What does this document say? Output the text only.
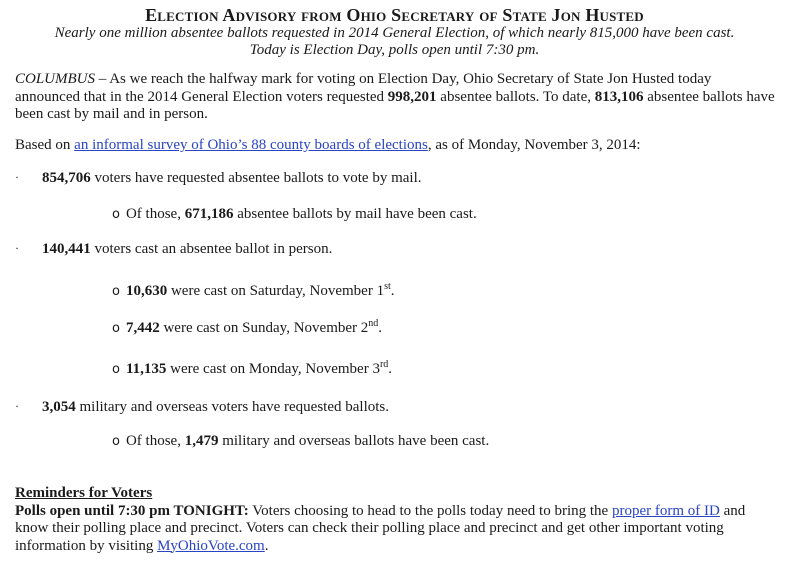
Election Advisory from Ohio Secretary of State Jon Husted
Nearly one million absentee ballots requested in 2014 General Election, of which nearly 815,000 have been cast.
Today is Election Day, polls open until 7:30 pm.
COLUMBUS – As we reach the halfway mark for voting on Election Day, Ohio Secretary of State Jon Husted today announced that in the 2014 General Election voters requested 998,201 absentee ballots. To date, 813,106 absentee ballots have been cast by mail and in person.
Based on an informal survey of Ohio’s 88 county boards of elections, as of Monday, November 3, 2014:
· 854,706 voters have requested absentee ballots to vote by mail.
o Of those, 671,186 absentee ballots by mail have been cast.
· 140,441 voters cast an absentee ballot in person.
o 10,630 were cast on Saturday, November 1st.
o 7,442 were cast on Sunday, November 2nd.
o 11,135 were cast on Monday, November 3rd.
· 3,054 military and overseas voters have requested ballots.
o Of those, 1,479 military and overseas ballots have been cast.
Reminders for Voters
Polls open until 7:30 pm TONIGHT: Voters choosing to head to the polls today need to bring the proper form of ID and know their polling place and precinct. Voters can check their polling place and precinct and get other important voting information by visiting MyOhioVote.com.
